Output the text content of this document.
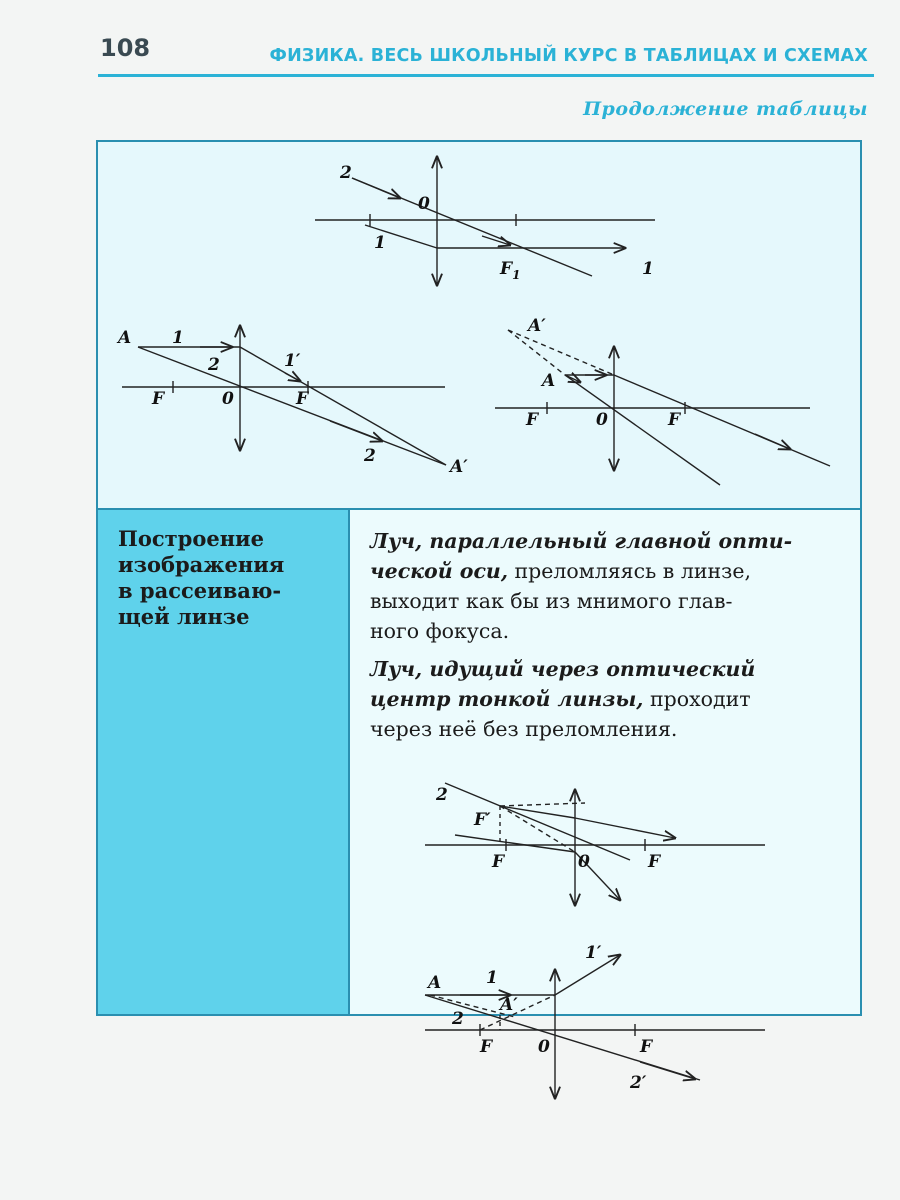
108	ФИЗИКА. ВЕСЬ ШКОЛЬНЫЙ КУРС В ТАБЛИЦАХ И СХЕМАХ
Продолжение таблицы
Построение
изображения
в рассеиваю-
щей линзе
Луч, параллельный главной опти-
ческой оси, преломляясь в линзе,
выходит как бы из мнимого глав-
ного фокуса.
Луч, идущий через оптический
центр тонкой линзы, проходит
через неё без преломления.
2
0
1
$F_1$	1
A 1
2	1′
F	0	F
2
A′
A′
A
F	0	F
2
F′
F	0	F
1′
A	1
A′
2
F	0	F
2′
